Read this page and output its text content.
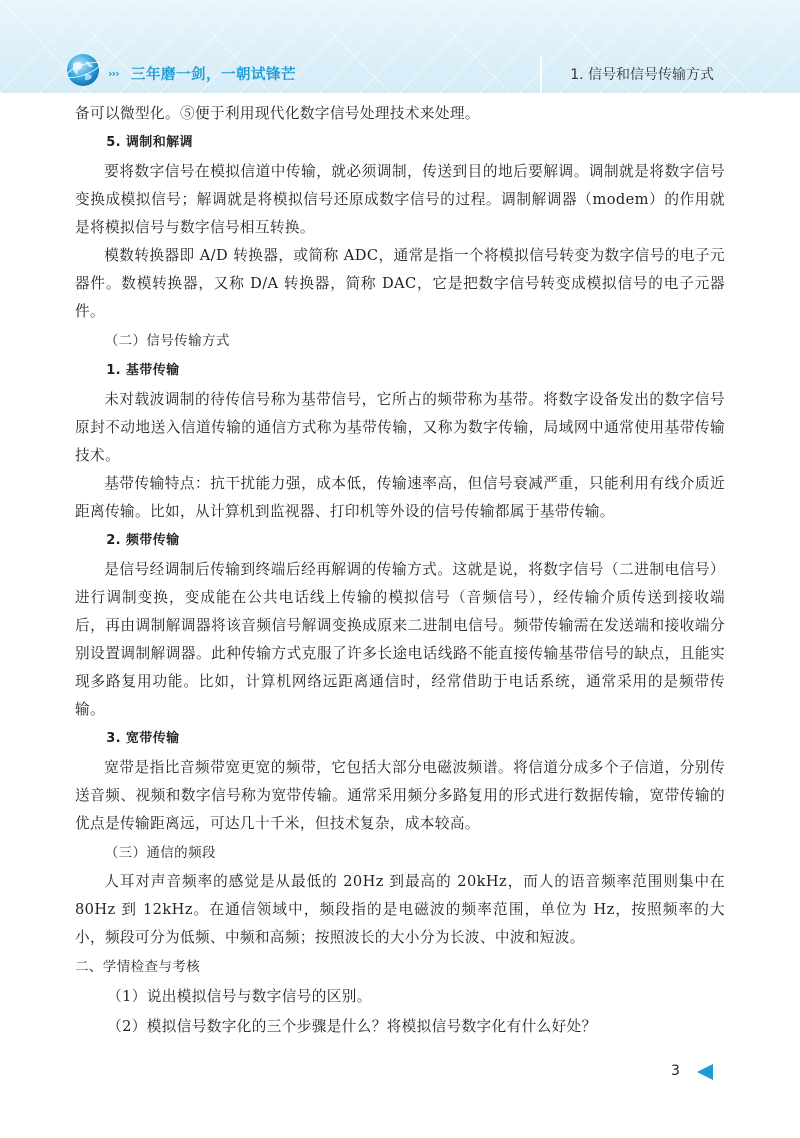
››› 三年磨一剑，一朝试锋芒	1. 信号和信号传输方式

备可以微型化。⑤便于利用现代化数字信号处理技术来处理。

5. 调制和解调

要将数字信号在模拟信道中传输，就必须调制，传送到目的地后要解调。调制就是将数字信号变换成模拟信号；解调就是将模拟信号还原成数字信号的过程。调制解调器（modem）的作用就是将模拟信号与数字信号相互转换。

模数转换器即 A/D 转换器，或简称 ADC，通常是指一个将模拟信号转变为数字信号的电子元器件。数模转换器，又称 D/A 转换器，简称 DAC，它是把数字信号转变成模拟信号的电子元器件。

（二）信号传输方式

1. 基带传输

未对载波调制的待传信号称为基带信号，它所占的频带称为基带。将数字设备发出的数字信号原封不动地送入信道传输的通信方式称为基带传输，又称为数字传输，局域网中通常使用基带传输技术。

基带传输特点：抗干扰能力强，成本低，传输速率高，但信号衰减严重，只能利用有线介质近距离传输。比如，从计算机到监视器、打印机等外设的信号传输都属于基带传输。

2. 频带传输

是信号经调制后传输到终端后经再解调的传输方式。这就是说，将数字信号（二进制电信号）进行调制变换，变成能在公共电话线上传输的模拟信号（音频信号），经传输介质传送到接收端后，再由调制解调器将该音频信号解调变换成原来二进制电信号。频带传输需在发送端和接收端分别设置调制解调器。此种传输方式克服了许多长途电话线路不能直接传输基带信号的缺点，且能实现多路复用功能。比如，计算机网络远距离通信时，经常借助于电话系统，通常采用的是频带传输。

3. 宽带传输

宽带是指比音频带宽更宽的频带，它包括大部分电磁波频谱。将信道分成多个子信道，分别传送音频、视频和数字信号称为宽带传输。通常采用频分多路复用的形式进行数据传输，宽带传输的优点是传输距离远，可达几十千米，但技术复杂，成本较高。

（三）通信的频段

人耳对声音频率的感觉是从最低的 20Hz 到最高的 20kHz，而人的语音频率范围则集中在 80Hz 到 12kHz。在通信领域中，频段指的是电磁波的频率范围，单位为 Hz，按照频率的大小，频段可分为低频、中频和高频；按照波长的大小分为长波、中波和短波。

二、学情检查与考核

（1）说出模拟信号与数字信号的区别。

（2）模拟信号数字化的三个步骤是什么？将模拟信号数字化有什么好处？

3
